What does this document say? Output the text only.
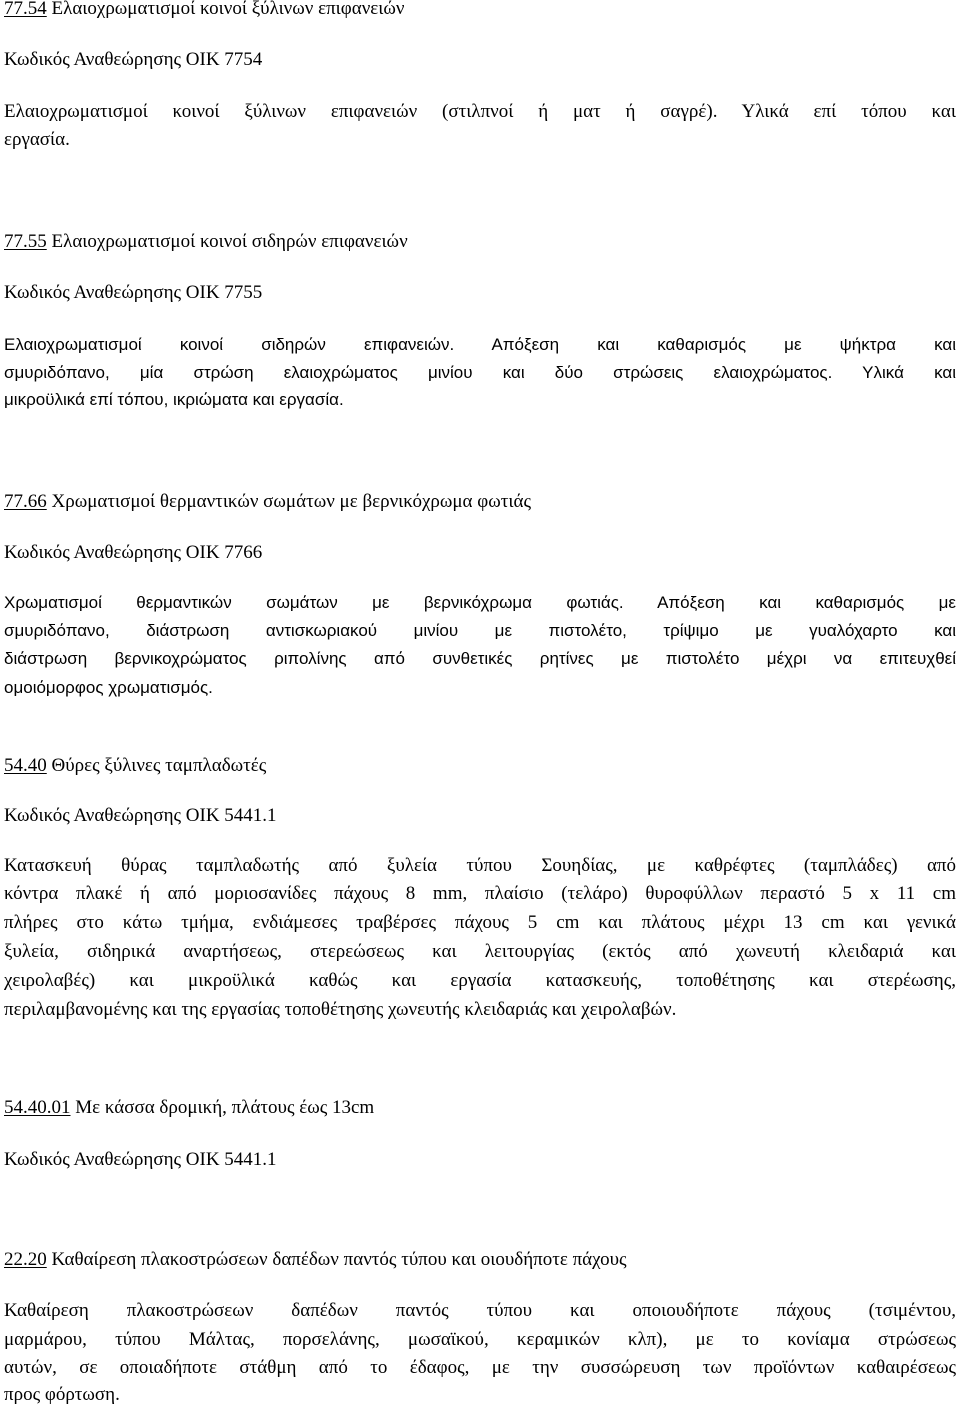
77.54 Ελαιοχρωματισμοί κοινοί ξύλινων επιφανειών
Κωδικός Αναθεώρησης ΟΙΚ 7754
Ελαιοχρωματισμοί κοινοί ξύλινων επιφανειών (στιλπνοί ή ματ ή σαγρέ). Υλικά επί τόπου και
εργασία.
77.55 Ελαιοχρωματισμοί κοινοί σιδηρών επιφανειών
Κωδικός Αναθεώρησης ΟΙΚ 7755
Ελαιοχρωματισμοί κοινοί σιδηρών επιφανειών. Απόξεση και καθαρισμός με ψήκτρα και
σμυριδόπανο, μία στρώση ελαιοχρώματος μινίου και δύο στρώσεις ελαιοχρώματος. Υλικά και
μικροϋλικά επί τόπου, ικριώματα και εργασία.
77.66 Χρωματισμοί θερμαντικών σωμάτων με βερνικόχρωμα φωτιάς
Κωδικός Αναθεώρησης ΟΙΚ 7766
Χρωματισμοί θερμαντικών σωμάτων με βερνικόχρωμα φωτιάς. Απόξεση και καθαρισμός με
σμυριδόπανο, διάστρωση αντισκωριακού μινίου με πιστολέτο, τρίψιμο με γυαλόχαρτο και
διάστρωση βερνικοχρώματος ριπολίνης από συνθετικές ρητίνες με πιστολέτο μέχρι να επιτευχθεί
ομοιόμορφος χρωματισμός.
54.40 Θύρες ξύλινες ταμπλαδωτές
Κωδικός Αναθεώρησης ΟΙΚ 5441.1
Κατασκευή θύρας ταμπλαδωτής από ξυλεία τύπου Σουηδίας, με καθρέφτες (ταμπλάδες) από
κόντρα πλακέ ή από μοριοσανίδες πάχους 8 mm, πλαίσιο (τελάρο) θυροφύλλων περαστό 5 x 11 cm
πλήρες στο κάτω τμήμα, ενδιάμεσες τραβέρσες πάχους 5 cm και πλάτους μέχρι 13 cm και γενικά
ξυλεία, σιδηρικά αναρτήσεως, στερεώσεως και λειτουργίας (εκτός από χωνευτή κλειδαριά και
χειρολαβές) και μικροϋλικά καθώς και εργασία κατασκευής, τοποθέτησης και στερέωσης,
περιλαμβανομένης και της εργασίας τοποθέτησης χωνευτής κλειδαριάς και χειρολαβών.
54.40.01 Με κάσσα δρομική, πλάτους έως 13cm
Κωδικός Αναθεώρησης ΟΙΚ 5441.1
22.20 Καθαίρεση πλακοστρώσεων δαπέδων παντός τύπου και οιουδήποτε πάχους
Καθαίρεση πλακοστρώσεων δαπέδων παντός τύπου και οποιουδήποτε πάχους (τσιμέντου,
μαρμάρου, τύπου Μάλτας, πορσελάνης, μωσαϊκού, κεραμικών κλπ), με το κονίαμα στρώσεως
αυτών, σε οποιαδήποτε στάθμη από το έδαφος, με την συσσώρευση των προϊόντων καθαιρέσεως
προς φόρτωση.
